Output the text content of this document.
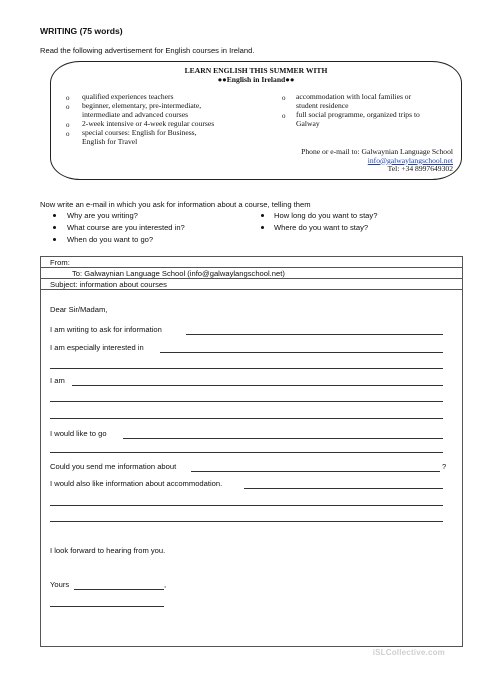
WRITING (75 words)
Read the following advertisement for English courses in Ireland.
LEARN ENGLISH THIS SUMMER WITH
●●English in Ireland●●
o qualified experiences teachers
o beginner, elementary, pre-intermediate,
intermediate and advanced courses
o 2-week intensive or 4-week regular courses
o special courses: English for Business,
English for Travel
o accommodation with local families or
student residence
o full social programme, organized trips to
Galway
Phone or e-mail to: Galwaynian Language School
info@galwaylangschool.net
Tel: +34 8997649302
Now write an e-mail in which you ask for information about a course, telling them
Why are you writing?
What course are you interested in?
When do you want to go?
How long do you want to stay?
Where do you want to stay?
From:
To: Galwaynian Language School (info@galwaylangschool.net)
Subject: information about courses
Dear Sir/Madam,
I am writing to ask for information
I am especially interested in
I am
I would like to go
Could you send me information about	?
I would also like information about accommodation.
I look forward to hearing from you.
Yours	,
iSLCollective.com
